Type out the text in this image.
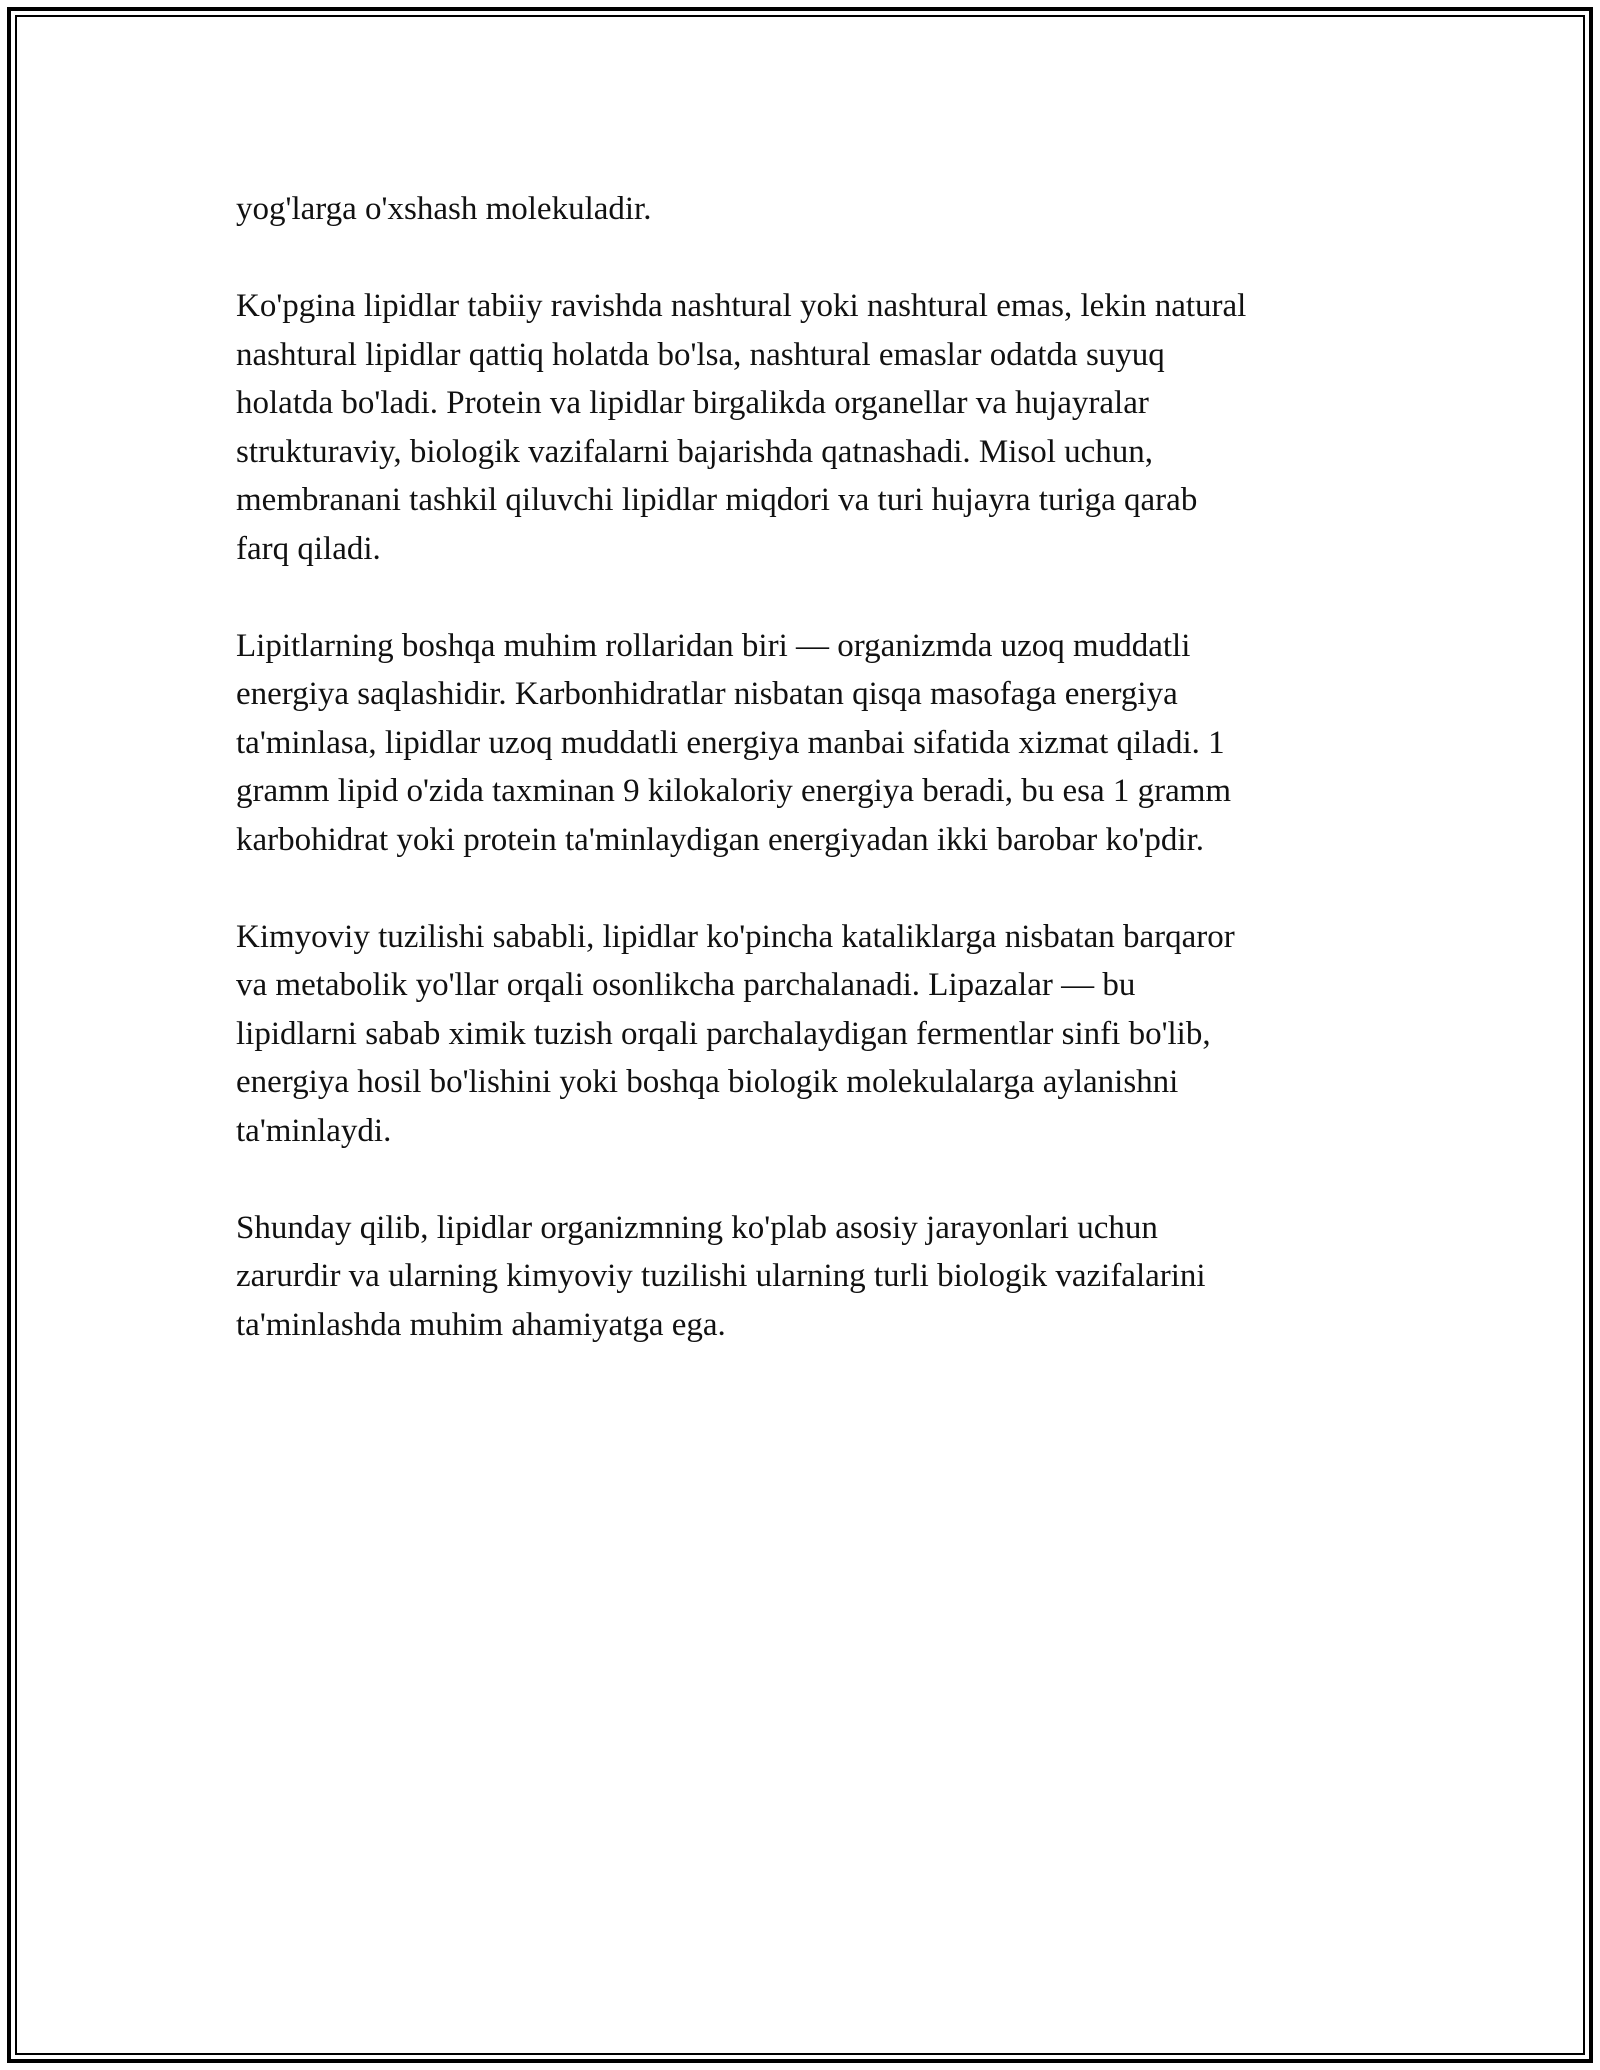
yog'larga o'xshash molekuladir.

Ko'pgina lipidlar tabiiy ravishda nashtural yoki nashtural emas, lekin natural
nashtural lipidlar qattiq holatda bo'lsa, nashtural emaslar odatda suyuq
holatda bo'ladi. Protein va lipidlar birgalikda organellar va hujayralar
strukturaviy, biologik vazifalarni bajarishda qatnashadi. Misol uchun,
membranani tashkil qiluvchi lipidlar miqdori va turi hujayra turiga qarab
farq qiladi.

Lipitlarning boshqa muhim rollaridan biri — organizmda uzoq muddatli
energiya saqlashidir. Karbonhidratlar nisbatan qisqa masofaga energiya
ta'minlasa, lipidlar uzoq muddatli energiya manbai sifatida xizmat qiladi. 1
gramm lipid o'zida taxminan 9 kilokaloriy energiya beradi, bu esa 1 gramm
karbohidrat yoki protein ta'minlaydigan energiyadan ikki barobar ko'pdir.

Kimyoviy tuzilishi sababli, lipidlar ko'pincha kataliklarga nisbatan barqaror
va metabolik yo'llar orqali osonlikcha parchalanadi. Lipazalar — bu
lipidlarni sabab ximik tuzish orqali parchalaydigan fermentlar sinfi bo'lib,
energiya hosil bo'lishini yoki boshqa biologik molekulalarga aylanishni
ta'minlaydi.

Shunday qilib, lipidlar organizmning ko'plab asosiy jarayonlari uchun
zarurdir va ularning kimyoviy tuzilishi ularning turli biologik vazifalarini
ta'minlashda muhim ahamiyatga ega.
